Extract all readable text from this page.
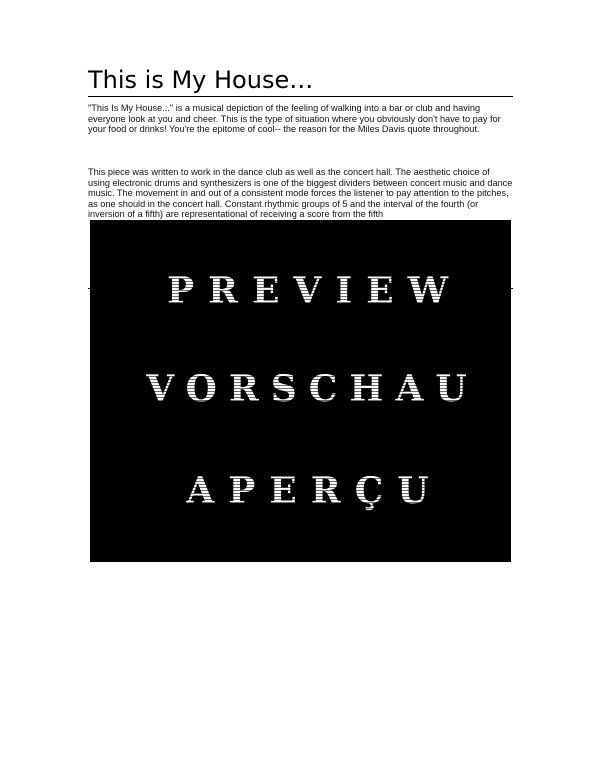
This is My House…

"This Is My House..." is a musical depiction of the feeling of walking into a bar or club and having everyone look at you and cheer. This is the type of situation where you obviously don't have to pay for your food or drinks! You're the epitome of cool-- the reason for the Miles Davis quote throughout.

This piece was written to work in the dance club as well as the concert hall. The aesthetic choice of using electronic drums and synthesizers is one of the biggest dividers between concert music and dance music. The movement in and out of a consistent mode forces the listener to pay attention to the pitches, as one should in the concert hall. Constant rhythmic groups of 5 and the interval of the fourth (or inversion of a fifth) are representational of receiving a score from the fifth

PREVIEW
VORSCHAU
APERÇU
